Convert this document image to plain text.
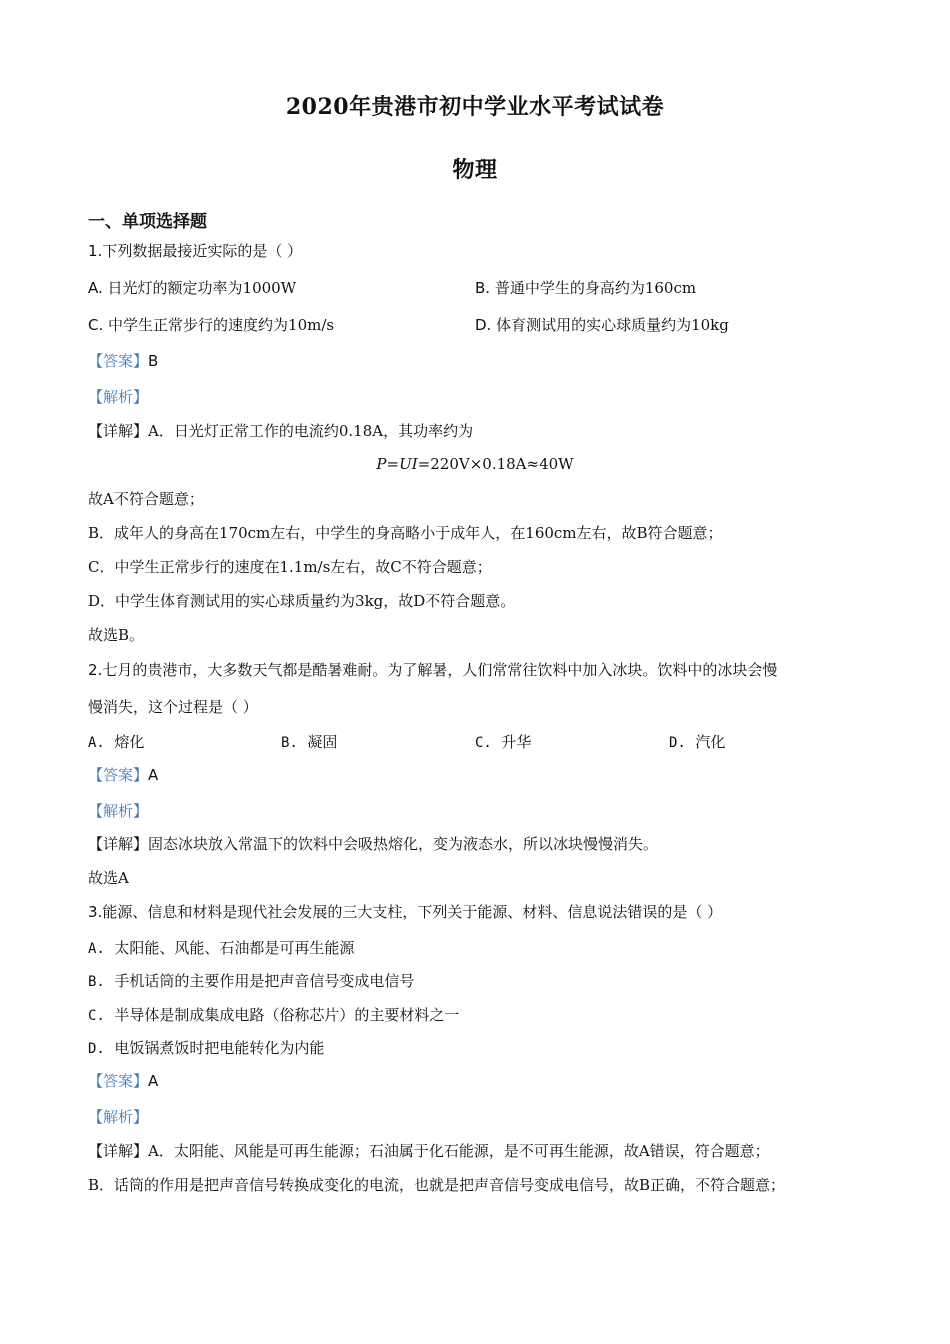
2020年贵港市初中学业水平考试试卷
物理
一、单项选择题
1.下列数据最接近实际的是（ ）
A. 日光灯的额定功率为1000W	B. 普通中学生的身高约为160cm
C. 中学生正常步行的速度约为10m/s	D. 体育测试用的实心球质量约为10kg
【答案】B
【解析】
【详解】A．日光灯正常工作的电流约0.18A，其功率约为
P=UI=220V×0.18A≈40W
故A不符合题意；
B．成年人的身高在170cm左右，中学生的身高略小于成年人，在160cm左右，故B符合题意；
C．中学生正常步行的速度在1.1m/s左右，故C不符合题意；
D．中学生体育测试用的实心球质量约为3kg，故D不符合题意。
故选B。
2.七月的贵港市，大多数天气都是酷暑难耐。为了解暑，人们常常往饮料中加入冰块。饮料中的冰块会慢
慢消失，这个过程是（ ）
A. 熔化	B. 凝固	C. 升华	D. 汽化
【答案】A
【解析】
【详解】固态冰块放入常温下的饮料中会吸热熔化，变为液态水，所以冰块慢慢消失。
故选A
3.能源、信息和材料是现代社会发展的三大支柱，下列关于能源、材料、信息说法错误的是（ ）
A. 太阳能、风能、石油都是可再生能源
B. 手机话筒的主要作用是把声音信号变成电信号
C. 半导体是制成集成电路（俗称芯片）的主要材料之一
D. 电饭锅煮饭时把电能转化为内能
【答案】A
【解析】
【详解】A．太阳能、风能是可再生能源；石油属于化石能源，是不可再生能源，故A错误，符合题意；
B．话筒的作用是把声音信号转换成变化的电流，也就是把声音信号变成电信号，故B正确，不符合题意；
